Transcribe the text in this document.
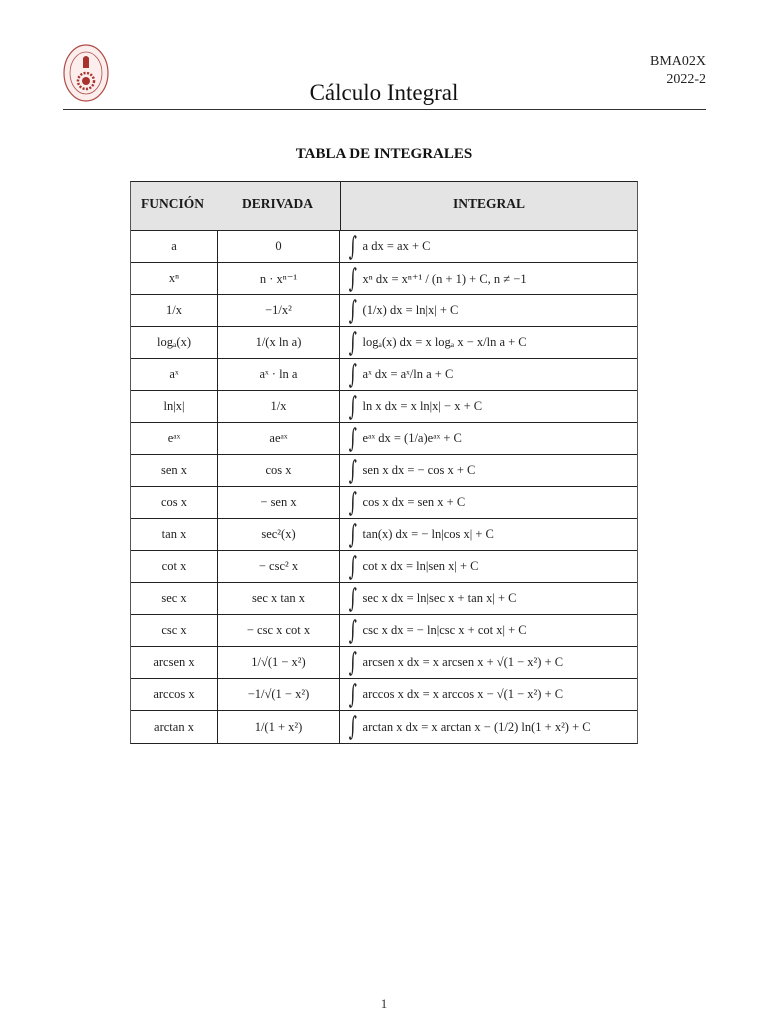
BMA02X
2022-2
Cálculo Integral
TABLA DE INTEGRALES
FUNCIÓN	DERIVADA	INTEGRAL
a	0	∫ a dx = ax + C
xⁿ	n · xⁿ⁻¹	∫ xⁿ dx = xⁿ⁺¹ / (n + 1) + C, n ≠ −1
1/x	−1/x²	∫ (1/x) dx = ln|x| + C
logₐ(x)	1/(x ln a)	∫ logₐ(x) dx = x logₐ x − x/ln a + C
aˣ	aˣ · ln a	∫ aˣ dx = aˣ/ln a + C
ln|x|	1/x	∫ ln x dx = x ln|x| − x + C
eᵃˣ	aeᵃˣ	∫ eᵃˣ dx = (1/a)eᵃˣ + C
sen x	cos x	∫ sen x dx = − cos x + C
cos x	− sen x	∫ cos x dx = sen x + C
tan x	sec²(x)	∫ tan(x) dx = − ln|cos x| + C
cot x	− csc² x	∫ cot x dx = ln|sen x| + C
sec x	sec x tan x	∫ sec x dx = ln|sec x + tan x| + C
csc x	− csc x cot x	∫ csc x dx = − ln|csc x + cot x| + C
arcsen x	1/√(1 − x²)	∫ arcsen x dx = x arcsen x + √(1 − x²) + C
arccos x	−1/√(1 − x²)	∫ arccos x dx = x arccos x − √(1 − x²) + C
arctan x	1/(1 + x²)	∫ arctan x dx = x arctan x − (1/2) ln(1 + x²) + C
1
